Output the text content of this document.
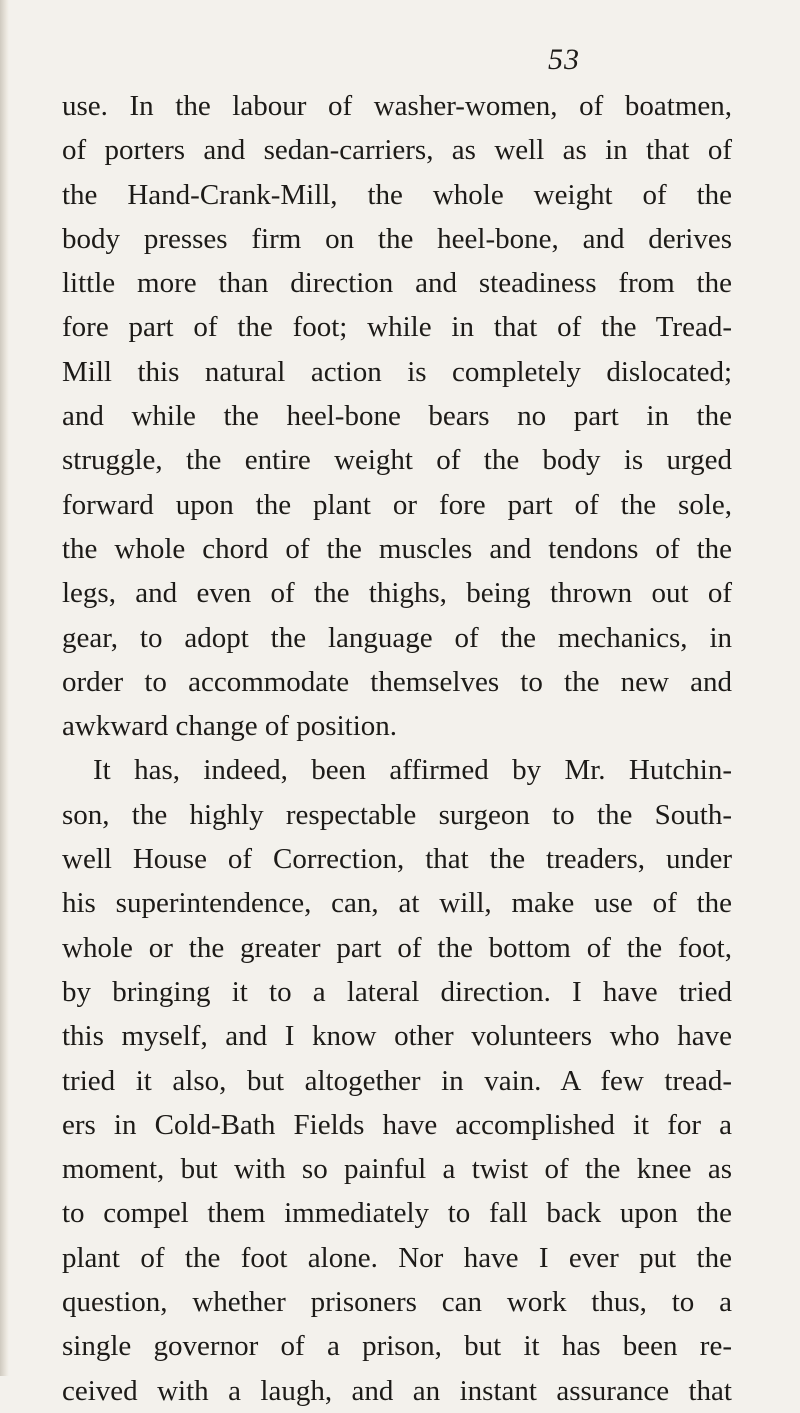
53
use. In the labour of washer-women, of boatmen,
of porters and sedan-carriers, as well as in that of
the Hand-Crank-Mill, the whole weight of the
body presses firm on the heel-bone, and derives
little more than direction and steadiness from the
fore part of the foot; while in that of the Tread-
Mill this natural action is completely dislocated;
and while the heel-bone bears no part in the
struggle, the entire weight of the body is urged
forward upon the plant or fore part of the sole,
the whole chord of the muscles and tendons of the
legs, and even of the thighs, being thrown out of
gear, to adopt the language of the mechanics, in
order to accommodate themselves to the new and
awkward change of position.
It has, indeed, been affirmed by Mr. Hutchin-
son, the highly respectable surgeon to the South-
well House of Correction, that the treaders, under
his superintendence, can, at will, make use of the
whole or the greater part of the bottom of the foot,
by bringing it to a lateral direction. I have tried
this myself, and I know other volunteers who have
tried it also, but altogether in vain. A few tread-
ers in Cold-Bath Fields have accomplished it for a
moment, but with so painful a twist of the knee as
to compel them immediately to fall back upon the
plant of the foot alone. Nor have I ever put the
question, whether prisoners can work thus, to a
single governor of a prison, but it has been re-
ceived with a laugh, and an instant assurance that
